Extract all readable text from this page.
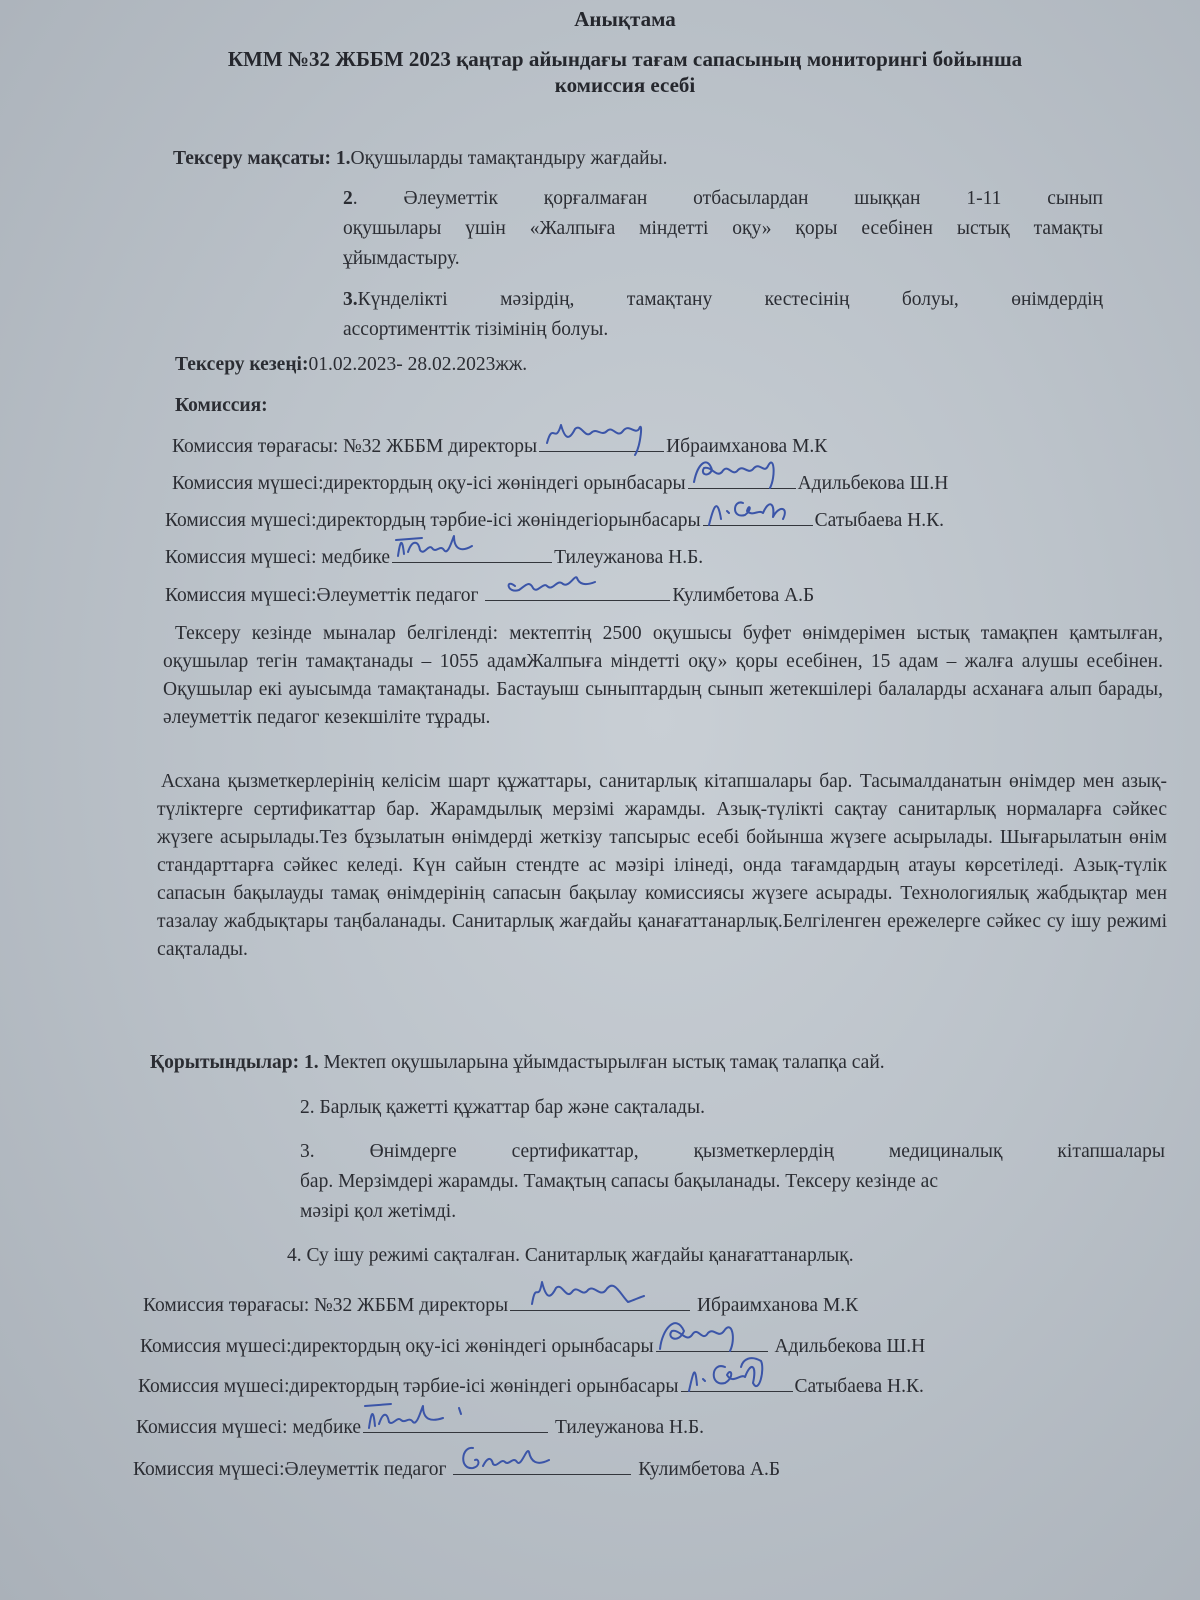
Анықтама
КММ №32 ЖББМ 2023 қаңтар айындағы тағам сапасының мониторингі бойынша
комиссия есебі
Тексеру мақсаты: 1.Оқушыларды тамақтандыру жағдайы.
2. Әлеуметтік қорғалмаған отбасылардан шыққан 1-11 сынып
оқушылары үшін «Жалпыға міндетті оқу» қоры есебінен ыстық тамақты
ұйымдастыру.
3.Күнделікті мәзірдің, тамақтану кестесінің болуы, өнімдердің
ассортименттік тізімінің болуы.
Тексеру кезеңі:01.02.2023- 28.02.2023жж.
Комиссия:
Комиссия төрағасы: №32 ЖББМ директоры	Ибраимханова М.К
Комиссия мүшесі:директордың оқу-ісі жөніндегі орынбасары	Адильбекова Ш.Н
Комиссия мүшесі:директордың тәрбие-ісі жөніндегіорынбасары	Сатыбаева Н.К.
Комиссия мүшесі: медбике	Тилеужанова Н.Б.
Комиссия мүшесі:Әлеуметтік педагог	Кулимбетова А.Б
Тексеру кезінде мыналар белгіленді: мектептің 2500 оқушысы буфет өнімдерімен ыстық тамақпен қамтылған, оқушылар тегін тамақтанады – 1055 адамЖалпыға міндетті оқу» қоры есебінен, 15 адам – жалға алушы есебінен. Оқушылар екі ауысымда тамақтанады. Бастауыш сыныптардың сынып жетекшілері балаларды асханаға алып барады, әлеуметтік педагог кезекшіліте тұрады.
Асхана қызметкерлерінің келісім шарт құжаттары, санитарлық кітапшалары бар. Тасымалданатын өнімдер мен азық-түліктерге сертификаттар бар. Жарамдылық мерзімі жарамды. Азық-түлікті сақтау санитарлық нормаларға сәйкес жүзеге асырылады.Тез бұзылатын өнімдерді жеткізу тапсырыс есебі бойынша жүзеге асырылады. Шығарылатын өнім стандарттарға сәйкес келеді. Күн сайын стендте ас мәзірі ілінеді, онда тағамдардың атауы көрсетіледі. Азық-түлік сапасын бақылауды тамақ өнімдерінің сапасын бақылау комиссиясы жүзеге асырады. Технологиялық жабдықтар мен тазалау жабдықтары таңбаланады. Санитарлық жағдайы қанағаттанарлық.Белгіленген ережелерге сәйкес су ішу режимі сақталады.
Қорытындылар: 1. Мектеп оқушыларына ұйымдастырылған ыстық тамақ талапқа сай.
2. Барлық қажетті құжаттар бар және сақталады.
3. Өнімдерге сертификаттар, қызметкерлердің медициналық кітапшалары
бар. Мерзімдері жарамды. Тамақтың сапасы бақыланады. Тексеру кезінде ас
мәзірі қол жетімді.
4. Су ішу режимі сақталған. Санитарлық жағдайы қанағаттанарлық.
Комиссия төрағасы: №32 ЖББМ директоры	Ибраимханова М.К
Комиссия мүшесі:директордың оқу-ісі жөніндегі орынбасары	Адильбекова Ш.Н
Комиссия мүшесі:директордың тәрбие-ісі жөніндегі орынбасары	Сатыбаева Н.К.
Комиссия мүшесі: медбике	Тилеужанова Н.Б.
Комиссия мүшесі:Әлеуметтік педагог	Кулимбетова А.Б
